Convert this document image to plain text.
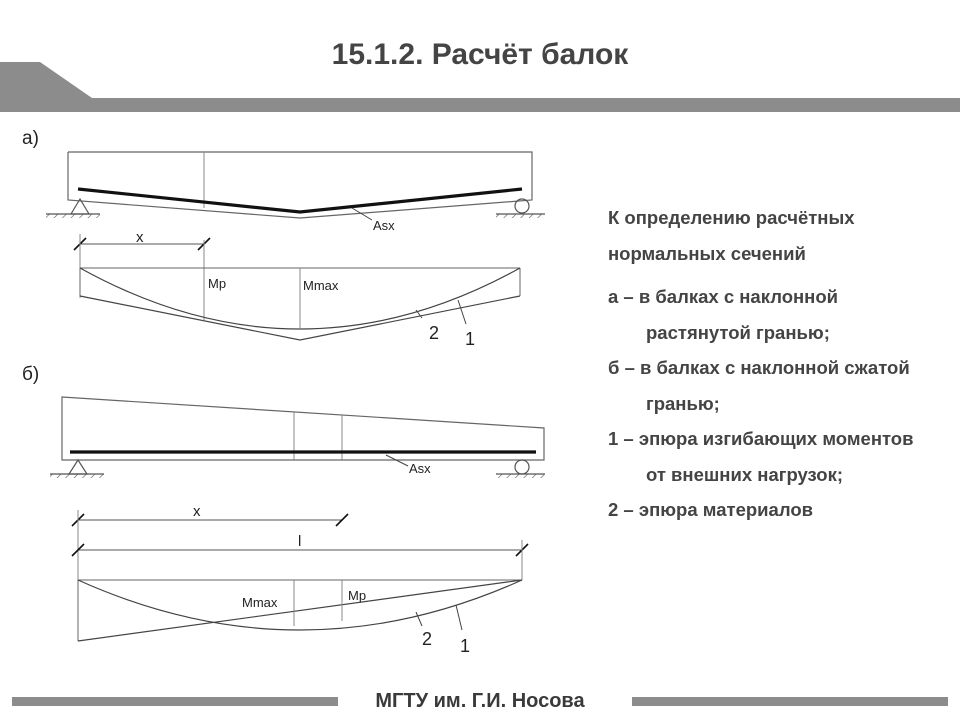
15.1.2. Расчёт балок
а)
б)
Asx
x
Mp	Mmax
2 1
Asx
x
l
Mmax	Mp
2 1

К определению расчётных нормальных сечений

а – в балках с наклонной растянутой гранью;

б – в балках с наклонной сжатой гранью;

1 – эпюра изгибающих моментов от внешних нагрузок;

2 – эпюра материалов

МГТУ им. Г.И. Носова
